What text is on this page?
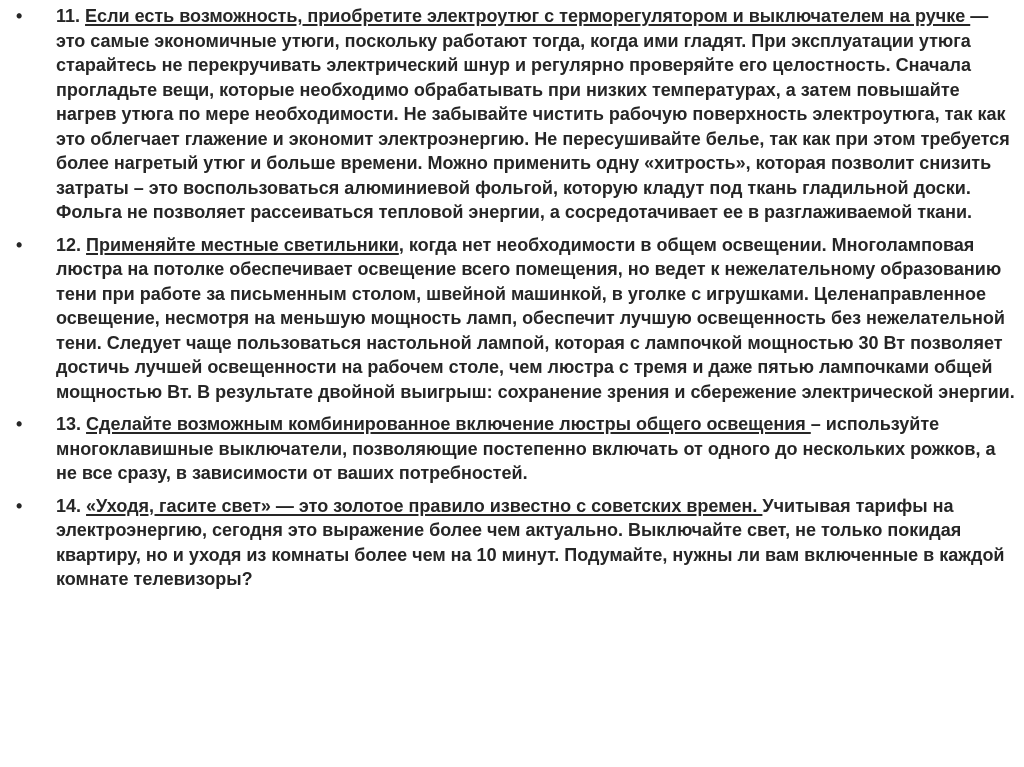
•	11. Если есть возможность, приобретите электроутюг с терморегулятором и выключателем на ручке — это самые экономичные утюги, поскольку работают тогда, когда ими гладят. При эксплуатации утюга старайтесь не перекручивать электрический шнур и регулярно проверяйте его целостность. Сначала прогладьте вещи, которые необходимо обрабатывать при низких температурах, а затем повышайте нагрев утюга по мере необходимости. Не забывайте чистить рабочую поверхность электроутюга, так как это облегчает глажение и экономит электроэнергию. Не пересушивайте белье, так как при этом требуется более нагретый утюг и больше времени. Можно применить одну «хитрость», которая позволит снизить затраты – это воспользоваться алюминиевой фольгой, которую кладут под ткань гладильной доски. Фольга не позволяет рассеиваться тепловой энергии, а сосредотачивает ее в разглаживаемой ткани.
•	12. Применяйте местные светильники, когда нет необходимости в общем освещении. Многоламповая люстра на потолке обеспечивает освещение всего помещения, но ведет к нежелательному образованию тени при работе за письменным столом, швейной машинкой, в уголке с игрушками. Целенаправленное освещение, несмотря на меньшую мощность ламп, обеспечит лучшую освещенность без нежелательной тени. Следует чаще пользоваться настольной лампой, которая с лампочкой мощностью 30 Вт позволяет достичь лучшей освещенности на рабочем столе, чем люстра с тремя и даже пятью лампочками общей мощностью Вт. В результате двойной выигрыш: сохранение зрения и сбережение электрической энергии.
•	13. Сделайте возможным комбинированное включение люстры общего освещения – используйте многоклавишные выключатели, позволяющие постепенно включать от одного до нескольких рожков, а не все сразу, в зависимости от ваших потребностей.
•	14. «Уходя, гасите свет» — это золотое правило известно с советских времен. Учитывая тарифы на электроэнергию, сегодня это выражение более чем актуально. Выключайте свет, не только покидая квартиру, но и уходя из комнаты более чем на 10 минут. Подумайте, нужны ли вам включенные в каждой комнате телевизоры?
